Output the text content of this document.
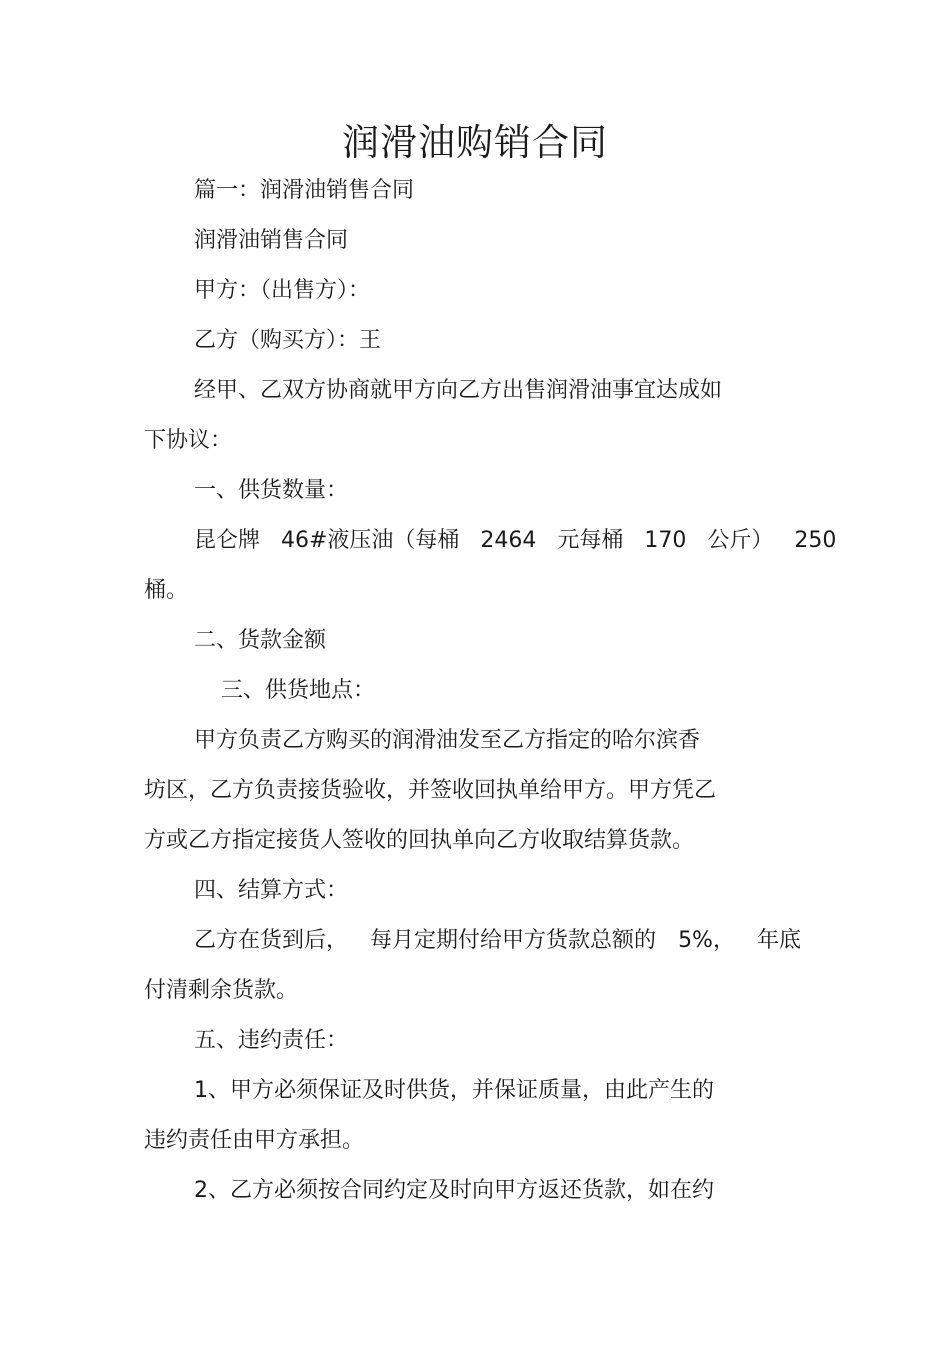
润滑油购销合同
篇一：润滑油销售合同
润滑油销售合同
甲方：（出售方）：
乙方（购买方）：王
经甲、乙双方协商就甲方向乙方出售润滑油事宜达成如
下协议：
一、供货数量：
昆仑牌 46#液压油（每桶 2464 元每桶 170 公斤） 250
桶。
二、货款金额
三、供货地点：
甲方负责乙方购买的润滑油发至乙方指定的哈尔滨香
坊区，乙方负责接货验收，并签收回执单给甲方。甲方凭乙
方或乙方指定接货人签收的回执单向乙方收取结算货款。
四、结算方式：
乙方在货到后， 每月定期付给甲方货款总额的 5%， 年底
付清剩余货款。
五、违约责任：
1、甲方必须保证及时供货，并保证质量，由此产生的
违约责任由甲方承担。
2、乙方必须按合同约定及时向甲方返还货款，如在约
